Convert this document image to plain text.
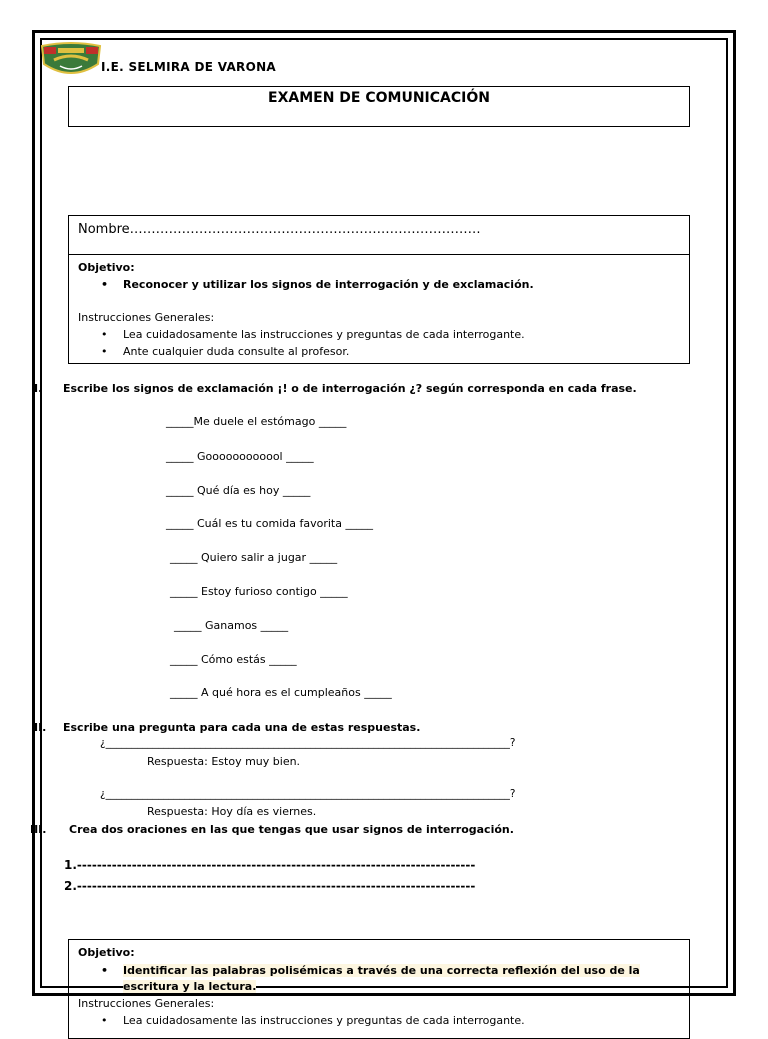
I.E. SELMIRA DE VARONA
EXAMEN DE COMUNICACIÓN
Nombre………………………………………………………………………
Objetivo:
• Reconocer y utilizar los signos de interrogación y de exclamación.
Instrucciones Generales:
• Lea cuidadosamente las instrucciones y preguntas de cada interrogante.
• Ante cualquier duda consulte al profesor.
I. Escribe los signos de exclamación ¡! o de interrogación ¿? según corresponda en cada frase.
_____Me duele el estómago _____
_____ Goooooooooool _____
_____ Qué día es hoy _____
_____ Cuál es tu comida favorita _____
_____ Quiero salir a jugar _____
_____ Estoy furioso contigo _____
_____ Ganamos _____
_____ Cómo estás _____
_____ A qué hora es el cumpleaños _____
II. Escribe una pregunta para cada una de estas respuestas.
¿_____________________________________________________________________________?
Respuesta: Estoy muy bien.
¿_____________________________________________________________________________?
Respuesta: Hoy día es viernes.
III. Crea dos oraciones en las que tengas que usar signos de interrogación.
1.--------------------------------------------------------------------------------
2.--------------------------------------------------------------------------------
Objetivo:
• Identificar las palabras polisémicas a través de una correcta reflexión del uso de la
escritura y la lectura.
Instrucciones Generales:
• Lea cuidadosamente las instrucciones y preguntas de cada interrogante.
